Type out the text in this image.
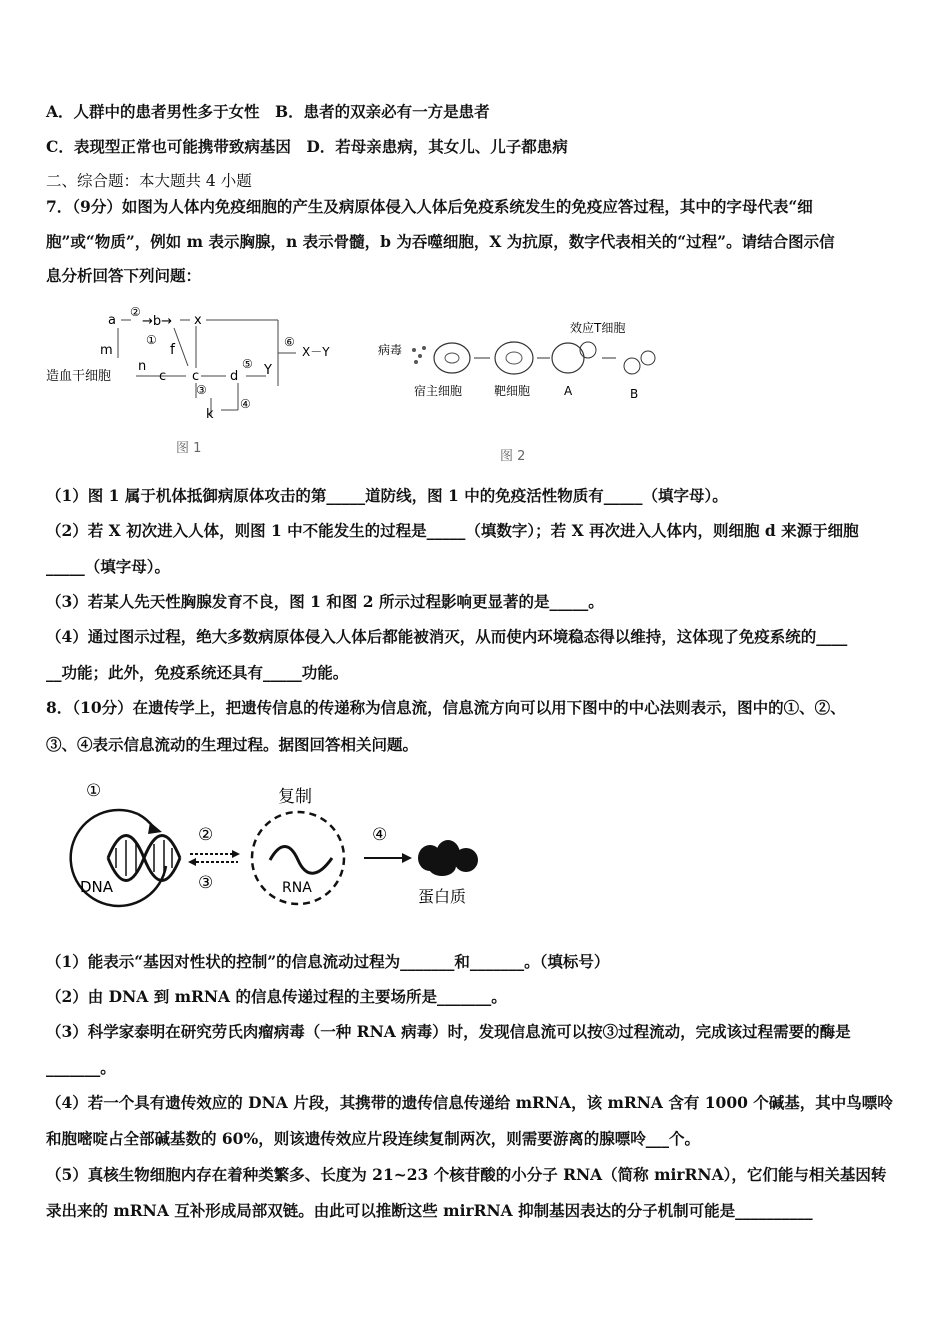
A．人群中的患者男性多于女性　B．患者的双亲必有一方是患者
C．表现型正常也可能携带致病基因　D．若母亲患病，其女儿、儿子都患病
二、综合题：本大题共 4 小题
7．（9分）如图为人体内免疫细胞的产生及病原体侵入人体后免疫系统发生的免疫应答过程，其中的字母代表“细
胞”或“物质”，例如 m 表示胸腺，n 表示骨髓，b 为吞噬细胞，X 为抗原，数字代表相关的“过程”。请结合图示信
息分析回答下列问题：
a
②
→b→ x
m	f
①	⑥
X－Y
n
造血干细胞	c c d
⑤ Y
③
④
k
图 1
病毒
效应T细胞
宿主细胞	靶细胞	A	B
图 2
（1）图 1 属于机体抵御病原体攻击的第_____道防线，图 1 中的免疫活性物质有_____（填字母）。
（2）若 X 初次进入人体，则图 1 中不能发生的过程是_____（填数字）；若 X 再次进入人体内，则细胞 d 来源于细胞
_____（填字母）。
（3）若某人先天性胸腺发育不良，图 1 和图 2 所示过程影响更显著的是_____。
（4）通过图示过程，绝大多数病原体侵入人体后都能被消灭，从而使内环境稳态得以维持，这体现了免疫系统的____
__功能；此外，免疫系统还具有_____功能。
8．（10分）在遗传学上，把遗传信息的传递称为信息流，信息流方向可以用下图中的中心法则表示，图中的①、②、
③、④表示信息流动的生理过程。据图回答相关问题。
①
DNA
②
③
复制
RNA
④
蛋白质
（1）能表示“基因对性状的控制”的信息流动过程为_______和_______。（填标号）
（2）由 DNA 到 mRNA 的信息传递过程的主要场所是_______。
（3）科学家泰明在研究劳氏肉瘤病毒（一种 RNA 病毒）时，发现信息流可以按③过程流动，完成该过程需要的酶是
_______。
（4）若一个具有遗传效应的 DNA 片段，其携带的遗传信息传递给 mRNA，该 mRNA 含有 1000 个碱基，其中鸟嘌呤
和胞嘧啶占全部碱基数的 60%，则该遗传效应片段连续复制两次，则需要游离的腺嘌呤___个。
（5）真核生物细胞内存在着种类繁多、长度为 21~23 个核苷酸的小分子 RNA（简称 mirRNA），它们能与相关基因转
录出来的 mRNA 互补形成局部双链。由此可以推断这些 mirRNA 抑制基因表达的分子机制可能是__________
